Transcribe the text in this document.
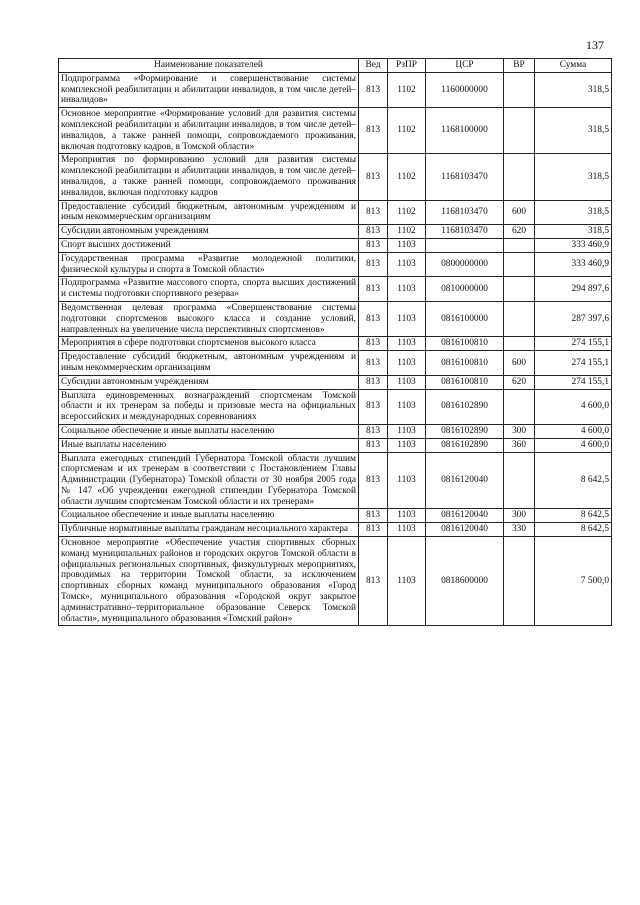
137
Наименование показателей	Вед	РзПР	ЦСР	ВР	Сумма
Подпрограмма «Формирование и совершенствование системы комплексной реабилитации и абилитации инвалидов, в том числе детей–инвалидов»	813	1102	1160000000		318,5
Основное мероприятие «Формирование условий для развития системы комплексной реабилитации и абилитации инвалидов, в том числе детей–инвалидов, а также ранней помощи, сопровождаемого проживания, включая подготовку кадров, в Томской области»	813	1102	1168100000		318,5
Мероприятия по формированию условий для развития системы комплексной реабилитации и абилитации инвалидов, в том числе детей–инвалидов, а также ранней помощи, сопровождаемого проживания инвалидов, включая подготовку кадров	813	1102	1168103470		318,5
Предоставление субсидий бюджетным, автономным учреждениям и иным некоммерческим организациям	813	1102	1168103470	600	318,5
Субсидии автономным учреждениям	813	1102	1168103470	620	318,5
Спорт высших достижений	813	1103			333 460,9
Государственная программа «Развитие молодежной политики, физической культуры и спорта в Томской области»	813	1103	0800000000		333 460,9
Подпрограмма «Развитие массового спорта, спорта высших достижений и системы подготовки спортивного резерва»	813	1103	0810000000		294 897,6
Ведомственная целевая программа «Совершенствование системы подготовки спортсменов высокого класса и создание условий, направленных на увеличение числа перспективных спортсменов»	813	1103	0816100000		287 397,6
Мероприятия в сфере подготовки спортсменов высокого класса	813	1103	0816100810		274 155,1
Предоставление субсидий бюджетным, автономным учреждениям и иным некоммерческим организациям	813	1103	0816100810	600	274 155,1
Субсидии автономным учреждениям	813	1103	0816100810	620	274 155,1
Выплата единовременных вознаграждений спортсменам Томской области и их тренерам за победы и призовые места на официальных всероссийских и международных соревнованиях	813	1103	0816102890		4 600,0
Социальное обеспечение и иные выплаты населению	813	1103	0816102890	300	4 600,0
Иные выплаты населению	813	1103	0816102890	360	4 600,0
Выплата ежегодных стипендий Губернатора Томской области лучшим спортсменам и их тренерам в соответствии с Постановлением Главы Администрации (Губернатора) Томской области от 30 ноября 2005 года № 147 «Об учреждении ежегодной стипендии Губернатора Томской области лучшим спортсменам Томской области и их тренерам»	813	1103	0816120040		8 642,5
Социальное обеспечение и иные выплаты населению	813	1103	0816120040	300	8 642,5
Публичные нормативные выплаты гражданам несоциального характера	813	1103	0816120040	330	8 642,5
Основное мероприятие «Обеспечение участия спортивных сборных команд муниципальных районов и городских округов Томской области в официальных региональных спортивных, физкультурных мероприятиях, проводимых на территории Томской области, за исключением спортивных сборных команд муниципального образования «Город Томск», муниципального образования «Городской округ закрытое административно–территориальное образование Северск Томской области», муниципального образования «Томский район»	813	1103	0818600000		7 500,0
